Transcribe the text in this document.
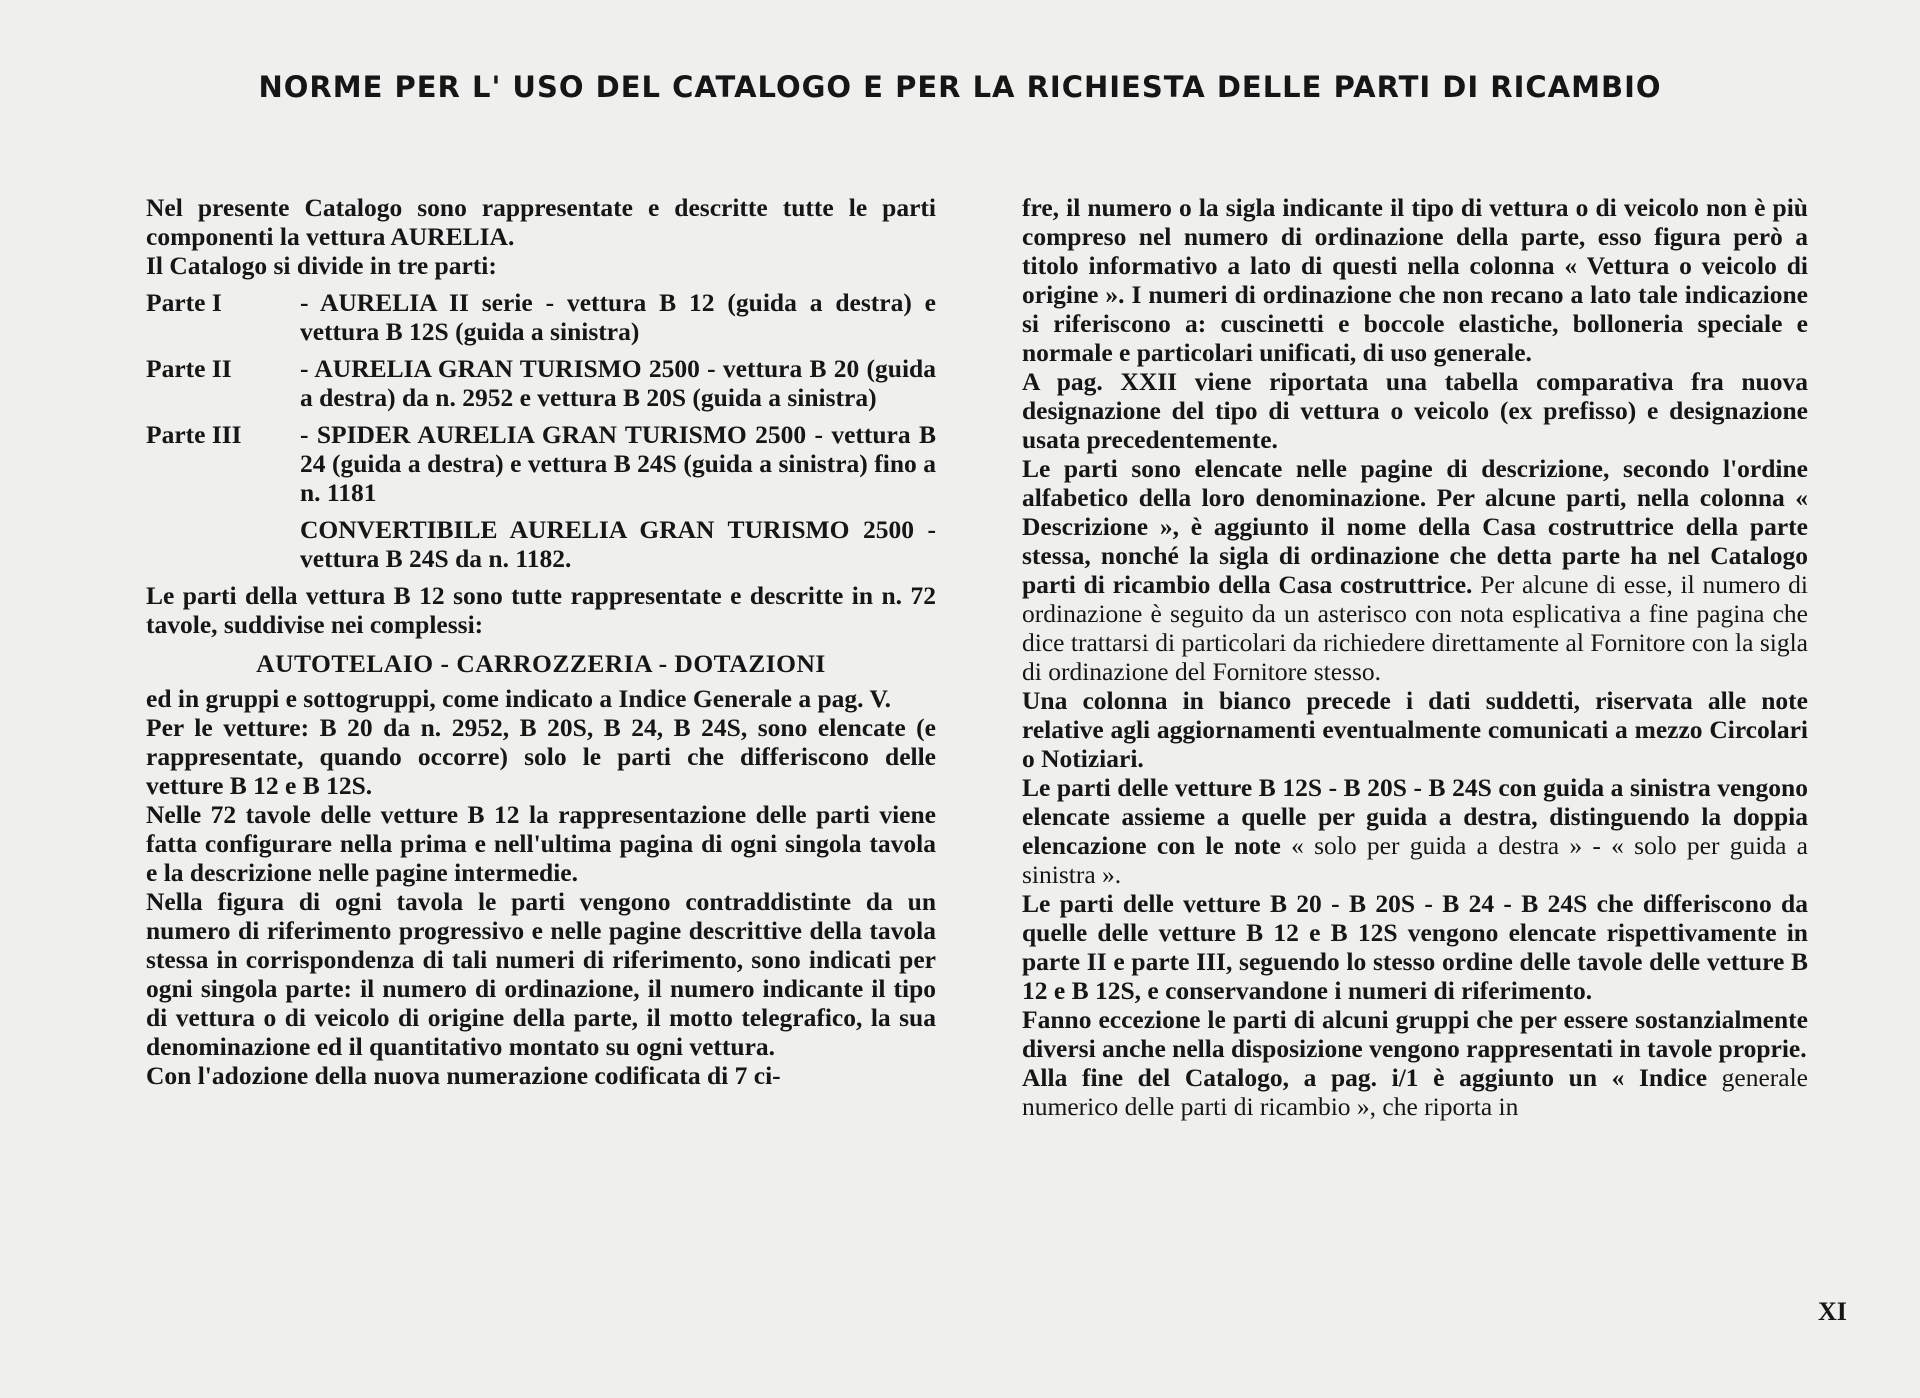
NORME PER L' USO DEL CATALOGO E PER LA RICHIESTA DELLE PARTI DI RICAMBIO

Nel presente Catalogo sono rappresentate e descritte tutte le parti componenti la vettura AURELIA.

Il Catalogo si divide in tre parti:

Parte I	- AURELIA II serie - vettura B 12 (guida a destra) e vettura B 12S (guida a sinistra)
Parte II	- AURELIA GRAN TURISMO 2500 - vettura B 20 (guida a destra) da n. 2952 e vettura B 20S (guida a sinistra)
Parte III	- SPIDER AURELIA GRAN TURISMO 2500 - vettura B 24 (guida a destra) e vettura B 24S (guida a sinistra) fino a n. 1181

CONVERTIBILE AURELIA GRAN TURISMO 2500 - vettura B 24S da n. 1182.

Le parti della vettura B 12 sono tutte rappresentate e descritte in n. 72 tavole, suddivise nei complessi:

AUTOTELAIO - CARROZZERIA - DOTAZIONI

ed in gruppi e sottogruppi, come indicato a Indice Generale a pag. V.

Per le vetture: B 20 da n. 2952, B 20S, B 24, B 24S, sono elencate (e rappresentate, quando occorre) solo le parti che differiscono delle vetture B 12 e B 12S.

Nelle 72 tavole delle vetture B 12 la rappresentazione delle parti viene fatta configurare nella prima e nell'ultima pagina di ogni singola tavola e la descrizione nelle pagine intermedie.

Nella figura di ogni tavola le parti vengono contraddistinte da un numero di riferimento progressivo e nelle pagine descrittive della tavola stessa in corrispondenza di tali numeri di riferimento, sono indicati per ogni singola parte: il numero di ordinazione, il numero indicante il tipo di vettura o di veicolo di origine della parte, il motto telegrafico, la sua denominazione ed il quantitativo montato su ogni vettura.

Con l'adozione della nuova numerazione codificata di 7 ci-

fre, il numero o la sigla indicante il tipo di vettura o di veicolo non è più compreso nel numero di ordinazione della parte, esso figura però a titolo informativo a lato di questi nella colonna « Vettura o veicolo di origine ». I numeri di ordinazione che non recano a lato tale indicazione si riferiscono a: cuscinetti e boccole elastiche, bolloneria speciale e normale e particolari unificati, di uso generale.

A pag. XXII viene riportata una tabella comparativa fra nuova designazione del tipo di vettura o veicolo (ex prefisso) e designazione usata precedentemente.

Le parti sono elencate nelle pagine di descrizione, secondo l'ordine alfabetico della loro denominazione. Per alcune parti, nella colonna « Descrizione », è aggiunto il nome della Casa costruttrice della parte stessa, nonché la sigla di ordinazione che detta parte ha nel Catalogo parti di ricambio della Casa costruttrice. Per alcune di esse, il numero di ordinazione è seguito da un asterisco con nota esplicativa a fine pagina che dice trattarsi di particolari da richiedere direttamente al Fornitore con la sigla di ordinazione del Fornitore stesso.

Una colonna in bianco precede i dati suddetti, riservata alle note relative agli aggiornamenti eventualmente comunicati a mezzo Circolari o Notiziari.

Le parti delle vetture B 12S - B 20S - B 24S con guida a sinistra vengono elencate assieme a quelle per guida a destra, distinguendo la doppia elencazione con le note « solo per guida a destra » - « solo per guida a sinistra ».

Le parti delle vetture B 20 - B 20S - B 24 - B 24S che differiscono da quelle delle vetture B 12 e B 12S vengono elencate rispettivamente in parte II e parte III, seguendo lo stesso ordine delle tavole delle vetture B 12 e B 12S, e conservandone i numeri di riferimento.

Fanno eccezione le parti di alcuni gruppi che per essere sostanzialmente diversi anche nella disposizione vengono rappresentati in tavole proprie.

Alla fine del Catalogo, a pag. i/1 è aggiunto un « Indice generale numerico delle parti di ricambio », che riporta in

XI
